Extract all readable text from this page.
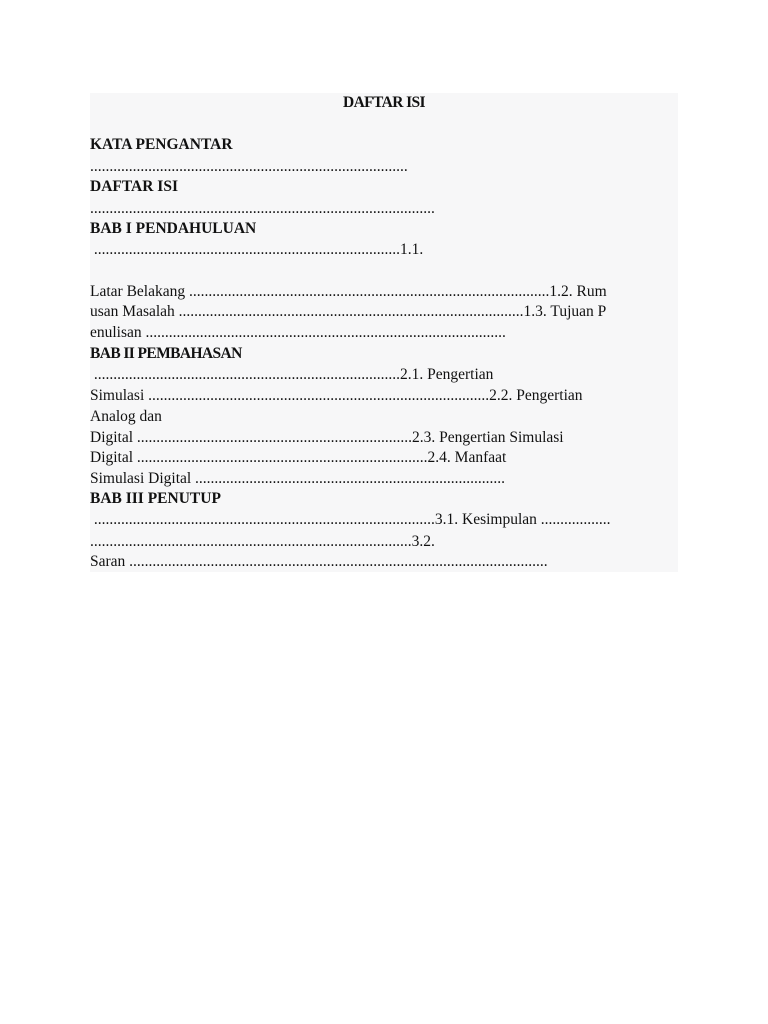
DAFTAR ISI
KATA PENGANTAR
..................................................................................
DAFTAR ISI
.........................................................................................
BAB I PENDAHULUAN
...............................................................................1.1.
Latar Belakang .............................................................................................1.2. Rum
usan Masalah .........................................................................................1.3. Tujuan P
enulisan .............................................................................................
BAB II PEMBAHASAN
...............................................................................2.1. Pengertian
Simulasi ........................................................................................2.2. Pengertian
Analog dan
Digital .......................................................................2.3. Pengertian Simulasi
Digital ...........................................................................2.4. Manfaat
Simulasi Digital ................................................................................
BAB III PENUTUP
........................................................................................3.1. Kesimpulan ..................
...................................................................................3.2.
Saran ............................................................................................................
